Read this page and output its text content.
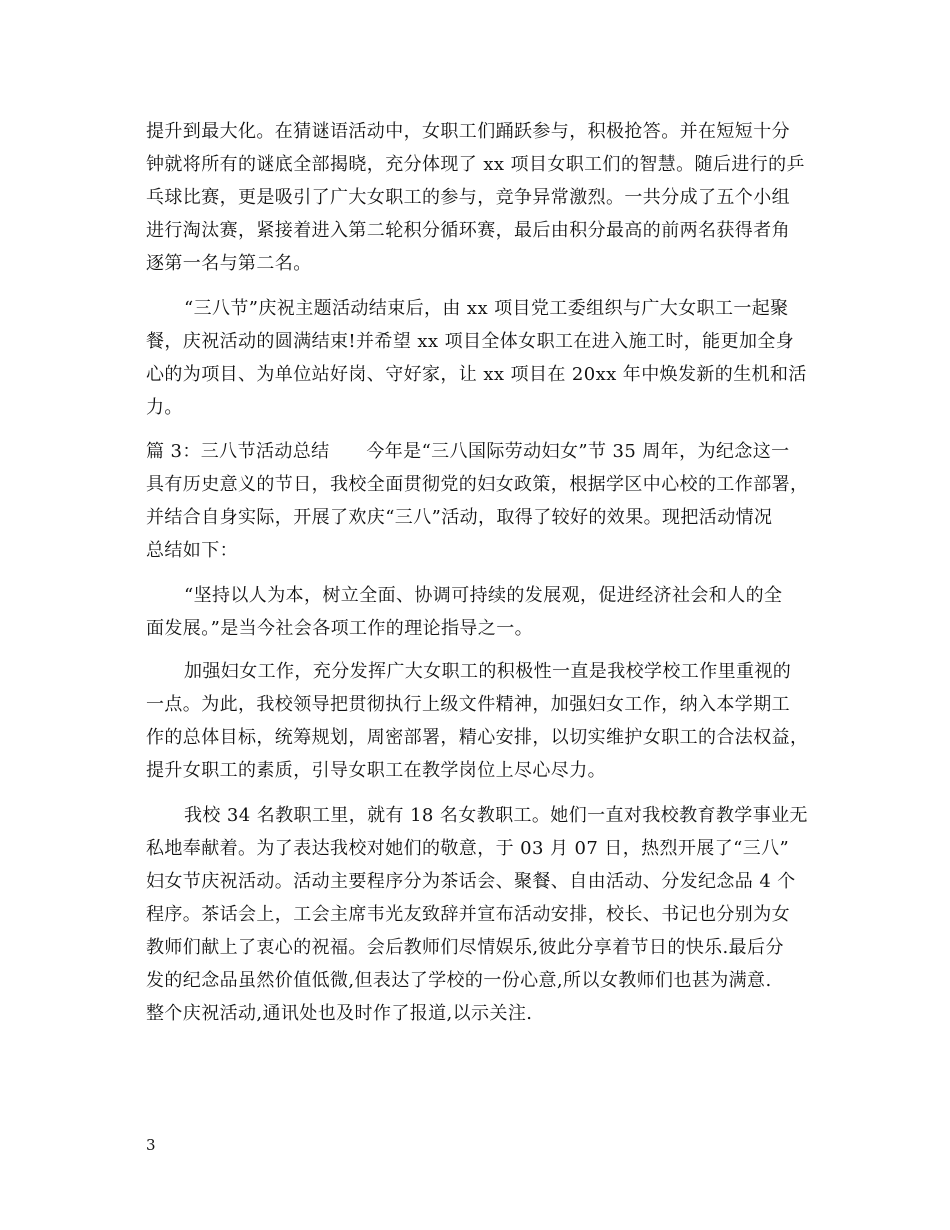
提升到最大化。在猜谜语活动中，女职工们踊跃参与，积极抢答。并在短短十分
钟就将所有的谜底全部揭晓，充分体现了 xx 项目女职工们的智慧。随后进行的乒
乓球比赛，更是吸引了广大女职工的参与，竞争异常激烈。一共分成了五个小组
进行淘汰赛，紧接着进入第二轮积分循环赛，最后由积分最高的前两名获得者角
逐第一名与第二名。
“三八节”庆祝主题活动结束后，由 xx 项目党工委组织与广大女职工一起聚
餐，庆祝活动的圆满结束!并希望 xx 项目全体女职工在进入施工时，能更加全身
心的为项目、为单位站好岗、守好家，让 xx 项目在 20xx 年中焕发新的生机和活
力。
篇 3：三八节活动总结　　今年是“三八国际劳动妇女”节 35 周年，为纪念这一
具有历史意义的节日，我校全面贯彻党的妇女政策，根据学区中心校的工作部署，
并结合自身实际，开展了欢庆“三八”活动，取得了较好的效果。现把活动情况
总结如下：
“坚持以人为本，树立全面、协调可持续的发展观，促进经济社会和人的全
面发展。”是当今社会各项工作的理论指导之一。
加强妇女工作，充分发挥广大女职工的积极性一直是我校学校工作里重视的
一点。为此，我校领导把贯彻执行上级文件精神，加强妇女工作，纳入本学期工
作的总体目标，统筹规划，周密部署，精心安排，以切实维护女职工的合法权益，
提升女职工的素质，引导女职工在教学岗位上尽心尽力。
我校 34 名教职工里，就有 18 名女教职工。她们一直对我校教育教学事业无
私地奉献着。为了表达我校对她们的敬意，于 03 月 07 日，热烈开展了“三八”
妇女节庆祝活动。活动主要程序分为茶话会、聚餐、自由活动、分发纪念品 4 个
程序。茶话会上，工会主席韦光友致辞并宣布活动安排，校长、书记也分别为女
教师们献上了衷心的祝福。会后教师们尽情娱乐,彼此分享着节日的快乐.最后分
发的纪念品虽然价值低微,但表达了学校的一份心意,所以女教师们也甚为满意.
整个庆祝活动,通讯处也及时作了报道,以示关注.
3
